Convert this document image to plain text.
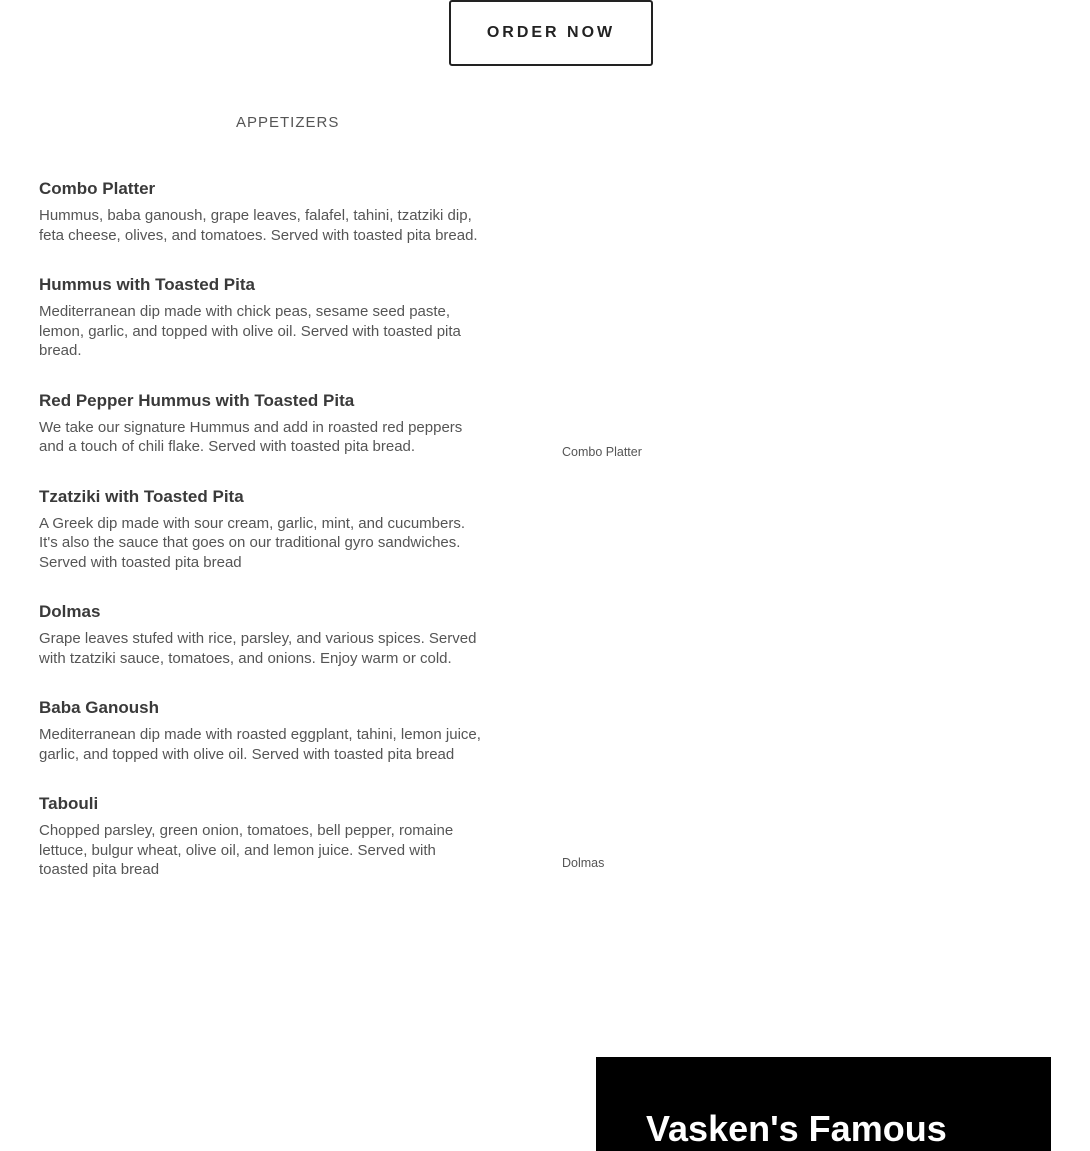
ORDER NOW
APPETIZERS
Combo Platter

Hummus, baba ganoush, grape leaves, falafel, tahini, tzatziki dip, feta cheese, olives, and tomatoes. Served with toasted pita bread.

Hummus with Toasted Pita

Mediterranean dip made with chick peas, sesame seed paste, lemon, garlic, and topped with olive oil. Served with toasted pita bread.

Red Pepper Hummus with Toasted Pita

We take our signature Hummus and add in roasted red peppers and a touch of chili flake. Served with toasted pita bread.

Tzatziki with Toasted Pita

A Greek dip made with sour cream, garlic, mint, and cucumbers. It's also the sauce that goes on our traditional gyro sandwiches. Served with toasted pita bread

Dolmas

Grape leaves stufed with rice, parsley, and various spices. Served with tzatziki sauce, tomatoes, and onions. Enjoy warm or cold.

Baba Ganoush

Mediterranean dip made with roasted eggplant, tahini, lemon juice, garlic, and topped with olive oil. Served with toasted pita bread

Tabouli

Chopped parsley, green onion, tomatoes, bell pepper, romaine lettuce, bulgur wheat, olive oil, and lemon juice. Served with toasted pita bread

Combo Platter
Dolmas
Vasken's Famous
